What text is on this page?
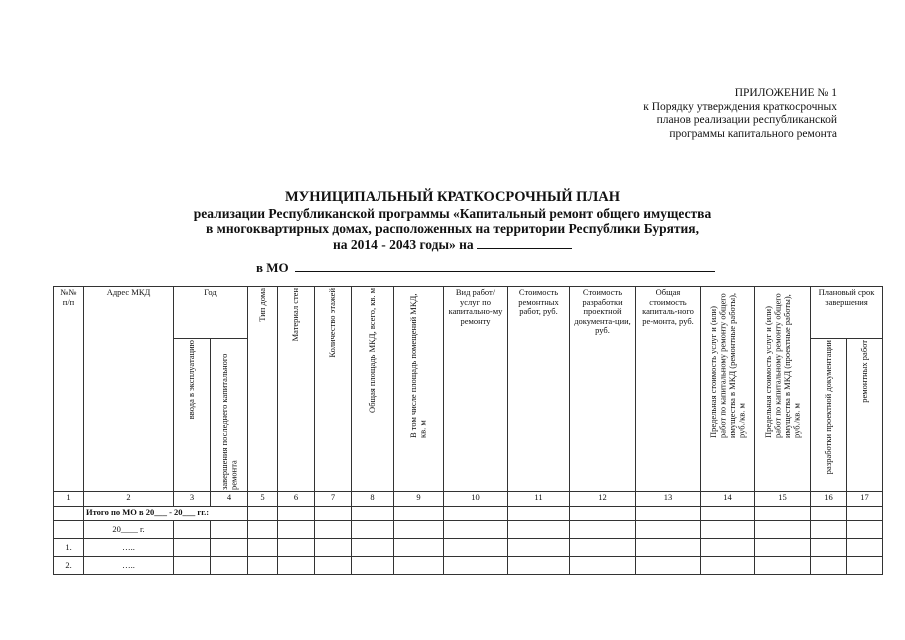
ПРИЛОЖЕНИЕ № 1
к Порядку утверждения краткосрочных
планов реализации республиканской
программы капитального ремонта
МУНИЦИПАЛЬНЫЙ КРАТКОСРОЧНЫЙ ПЛАН
реализации Республиканской программы «Капитальный ремонт общего имущества
в многоквартирных домах, расположенных на территории Республики Бурятия,
на 2014 - 2043 годы» на
в МО
№№ п/п	Адрес МКД	Год		Тип дома	Материал стен	Количество этажей	Общая площадь МКД, всего, кв. м	В том числе площадь помещений МКД, кв. м	Вид работ/ услуг по капитально-му ремонту	Стоимость ремонтных работ, руб.	Стоимость разработки проектной документа-ции, руб.	Общая стоимость капиталь-ного ре-монта, руб.	Предельная стоимость услуг и (или) работ по капитальному ремонту общего имущества в МКД (ремонтные работы), руб./кв. м	Предельная стоимость услуг и (или) работ по капитальному ремонту общего имущества в МКД (проектные работы), руб./кв. м	Плановый срок завершения	

		ввода в эксплуатацию	завершения последнего капитального ремонта												разработки проектной документации	ремонтных работ

1	2	3	4	5	6	7	8	9	10	11	12	13	14	15	16	17
	Итого по МО в 20___ - 20___ гг.:															
	20____ г.															
1.	…..															
2.	…..															
